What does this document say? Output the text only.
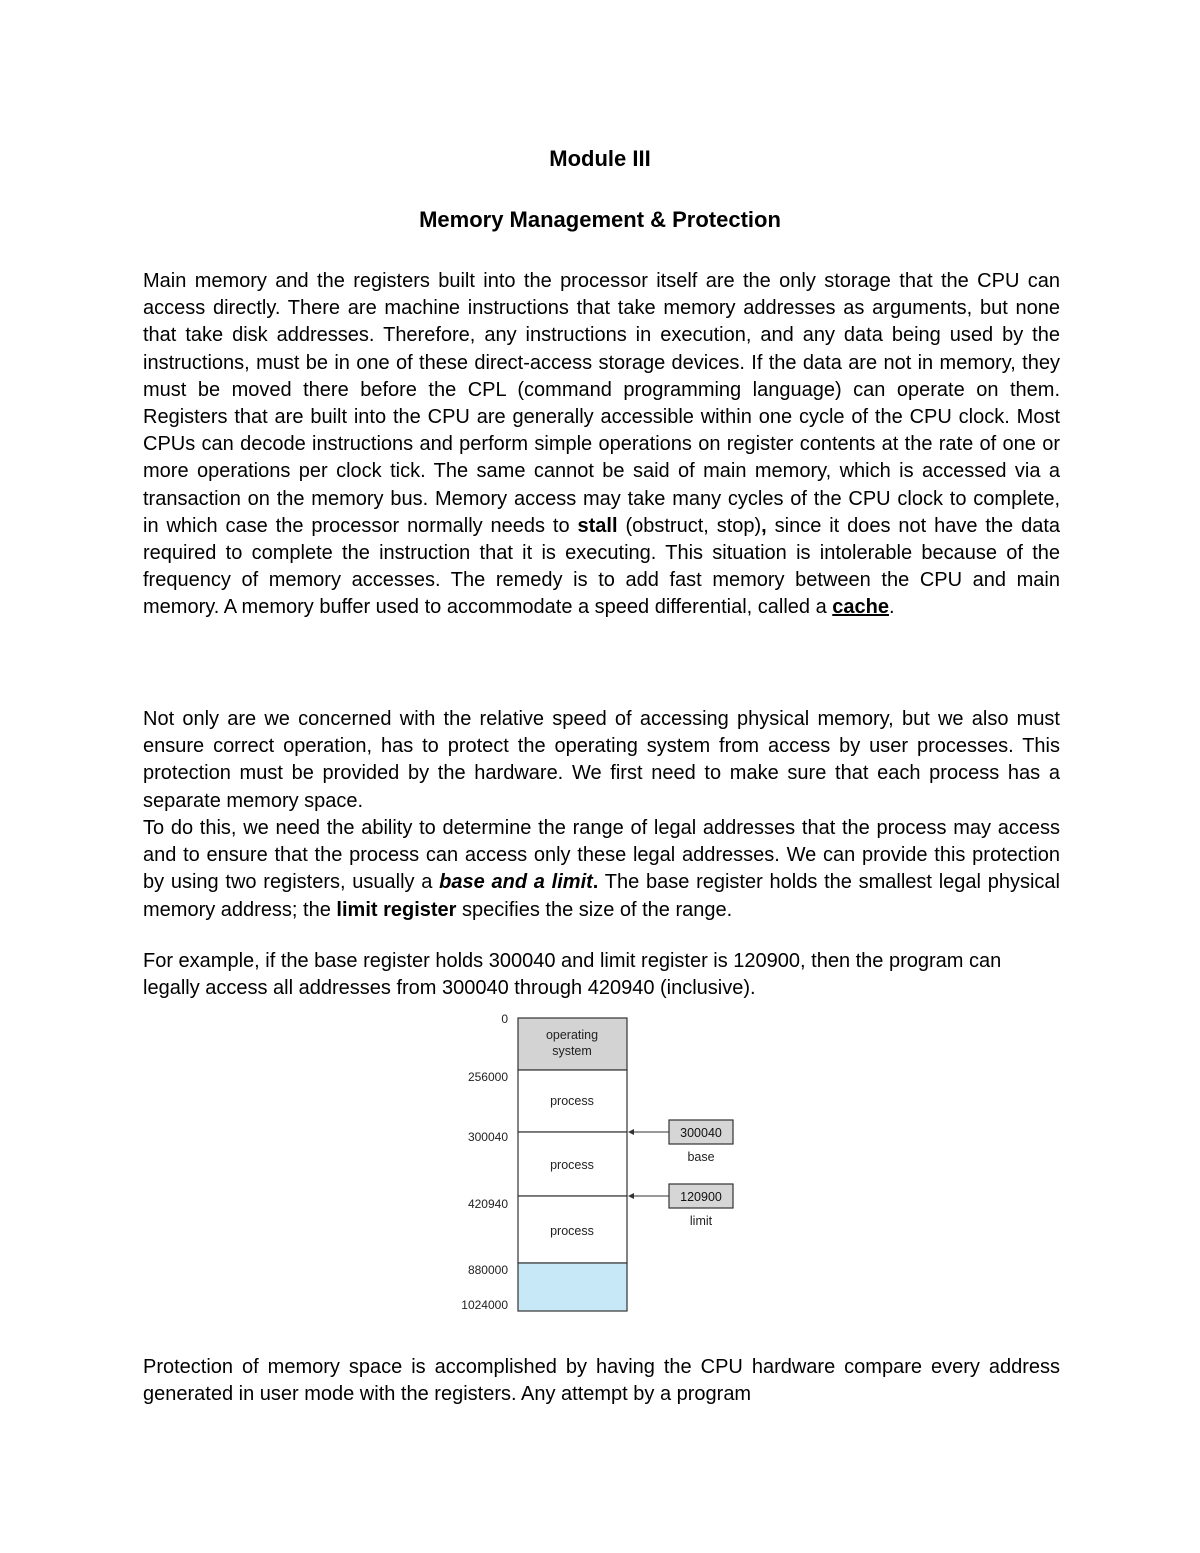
Module III
Memory Management & Protection

Main memory and the registers built into the processor itself are the only storage that the CPU can access directly. There are machine instructions that take memory addresses as arguments, but none that take disk addresses. Therefore, any instructions in execution, and any data being used by the instructions, must be in one of these direct-access storage devices. If the data are not in memory, they must be moved there before the CPL (command programming language) can operate on them. Registers that are built into the CPU are generally accessible within one cycle of the CPU clock. Most CPUs can decode instructions and perform simple operations on register contents at the rate of one or more operations per clock tick. The same cannot be said of main memory, which is accessed via a transaction on the memory bus. Memory access may take many cycles of the CPU clock to complete, in which case the processor normally needs to stall (obstruct, stop), since it does not have the data required to complete the instruction that it is executing. This situation is intolerable because of the frequency of memory accesses. The remedy is to add fast memory between the CPU and main memory. A memory buffer used to accommodate a speed differential, called a cache.

Not only are we concerned with the relative speed of accessing physical memory, but we also must ensure correct operation, has to protect the operating system from access by user processes. This protection must be provided by the hardware. We first need to make sure that each process has a separate memory space.

To do this, we need the ability to determine the range of legal addresses that the process may access and to ensure that the process can access only these legal addresses. We can provide this protection by using two registers, usually a base and a limit. The base register holds the smallest legal physical memory address; the limit register specifies the size of the range.

For example, if the base register holds 300040 and limit register is 120900, then the program can legally access all addresses from 300040 through 420940 (inclusive).

operating
system
process
process
process
0
256000
300040
420940
880000
1024000
300040
base
120900
limit

Protection of memory space is accomplished by having the CPU hardware compare every address generated in user mode with the registers. Any attempt by a program
